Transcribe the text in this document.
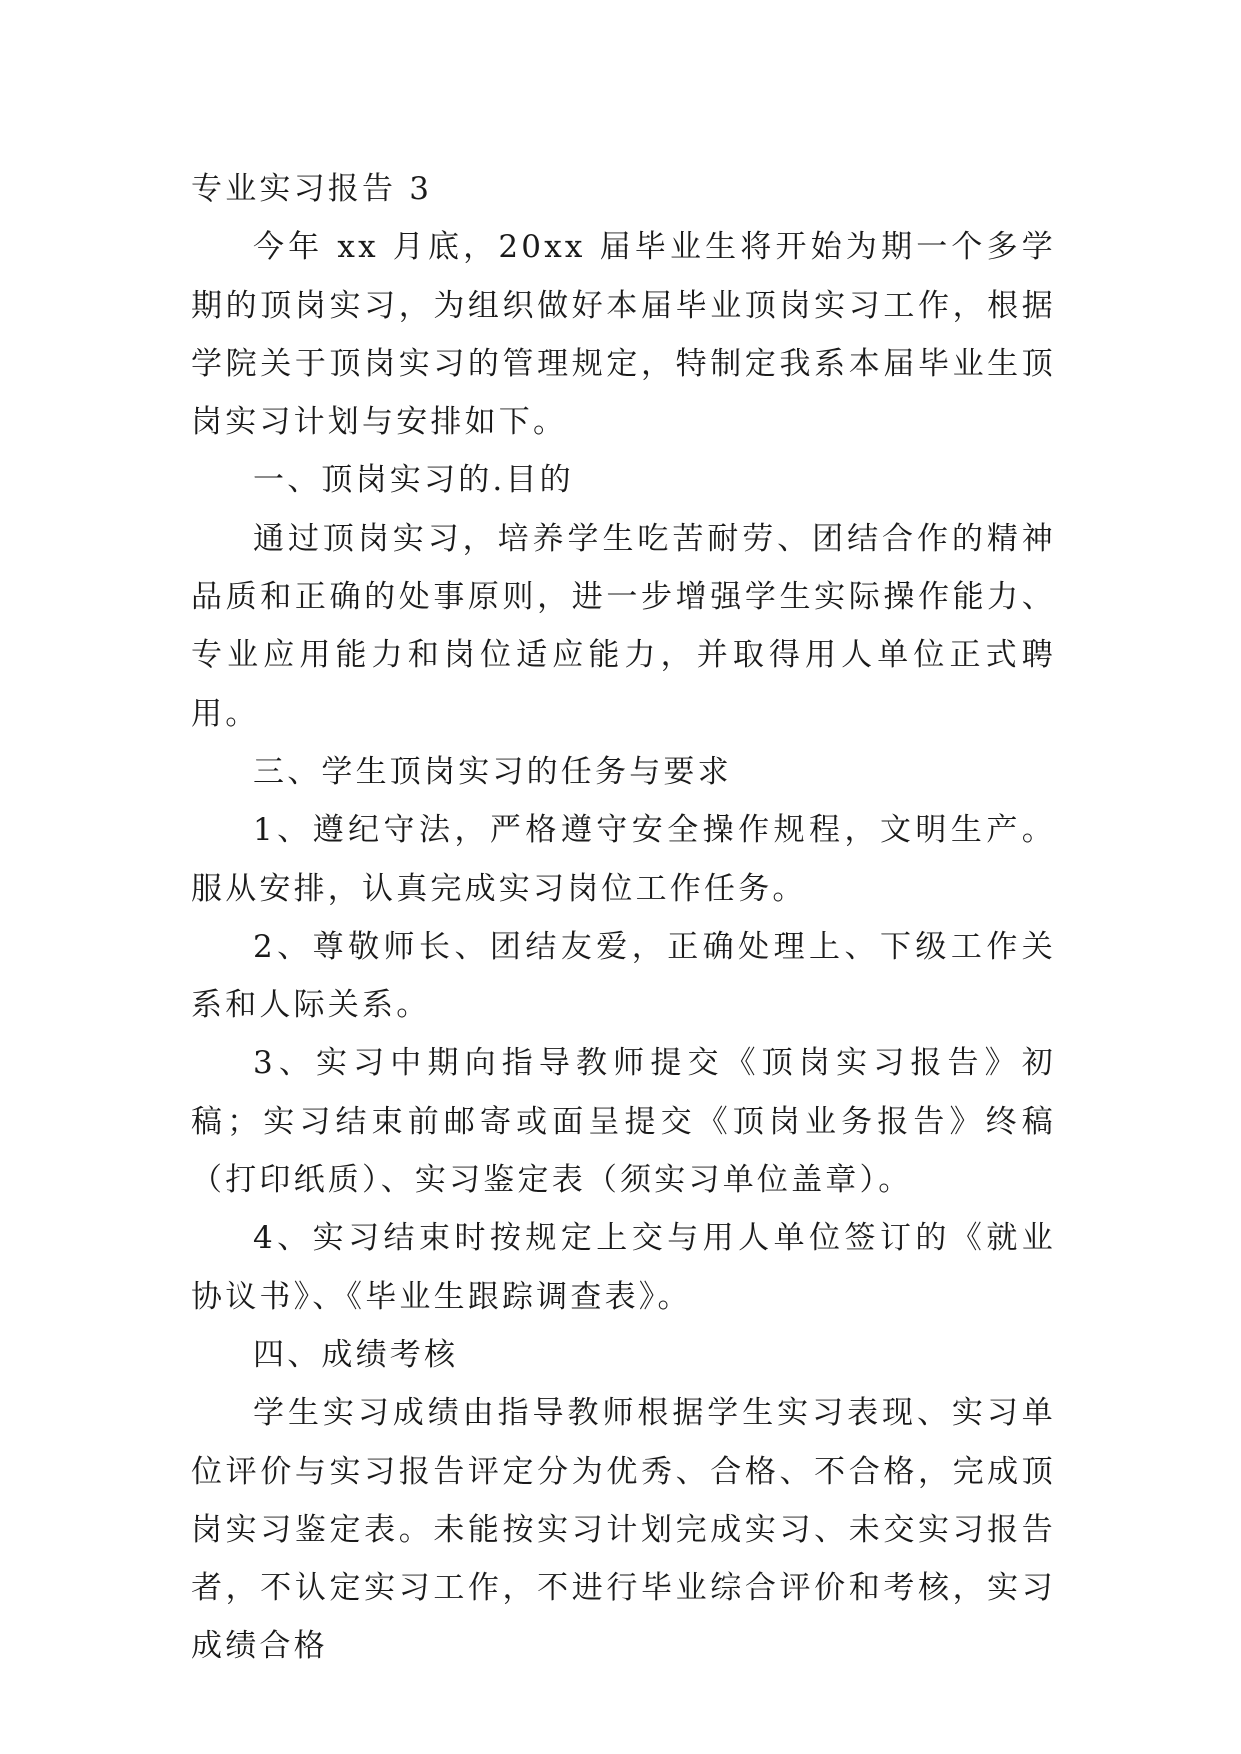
专业实习报告 3

今年 xx 月底，20xx 届毕业生将开始为期一个多学期的顶岗实习，为组织做好本届毕业顶岗实习工作，根据学院关于顶岗实习的管理规定，特制定我系本届毕业生顶岗实习计划与安排如下。

一、顶岗实习的.目的

通过顶岗实习，培养学生吃苦耐劳、团结合作的精神品质和正确的处事原则，进一步增强学生实际操作能力、专业应用能力和岗位适应能力，并取得用人单位正式聘用。

三、学生顶岗实习的任务与要求

1、遵纪守法，严格遵守安全操作规程，文明生产。服从安排，认真完成实习岗位工作任务。

2、尊敬师长、团结友爱，正确处理上、下级工作关系和人际关系。

3、实习中期向指导教师提交《顶岗实习报告》初稿；实习结束前邮寄或面呈提交《顶岗业务报告》终稿（打印纸质）、实习鉴定表（须实习单位盖章）。

4、实习结束时按规定上交与用人单位签订的《就业协议书》、《毕业生跟踪调查表》。

四、成绩考核

学生实习成绩由指导教师根据学生实习表现、实习单位评价与实习报告评定分为优秀、合格、不合格，完成顶岗实习鉴定表。未能按实习计划完成实习、未交实习报告者，不认定实习工作，不进行毕业综合评价和考核，实习成绩合格
